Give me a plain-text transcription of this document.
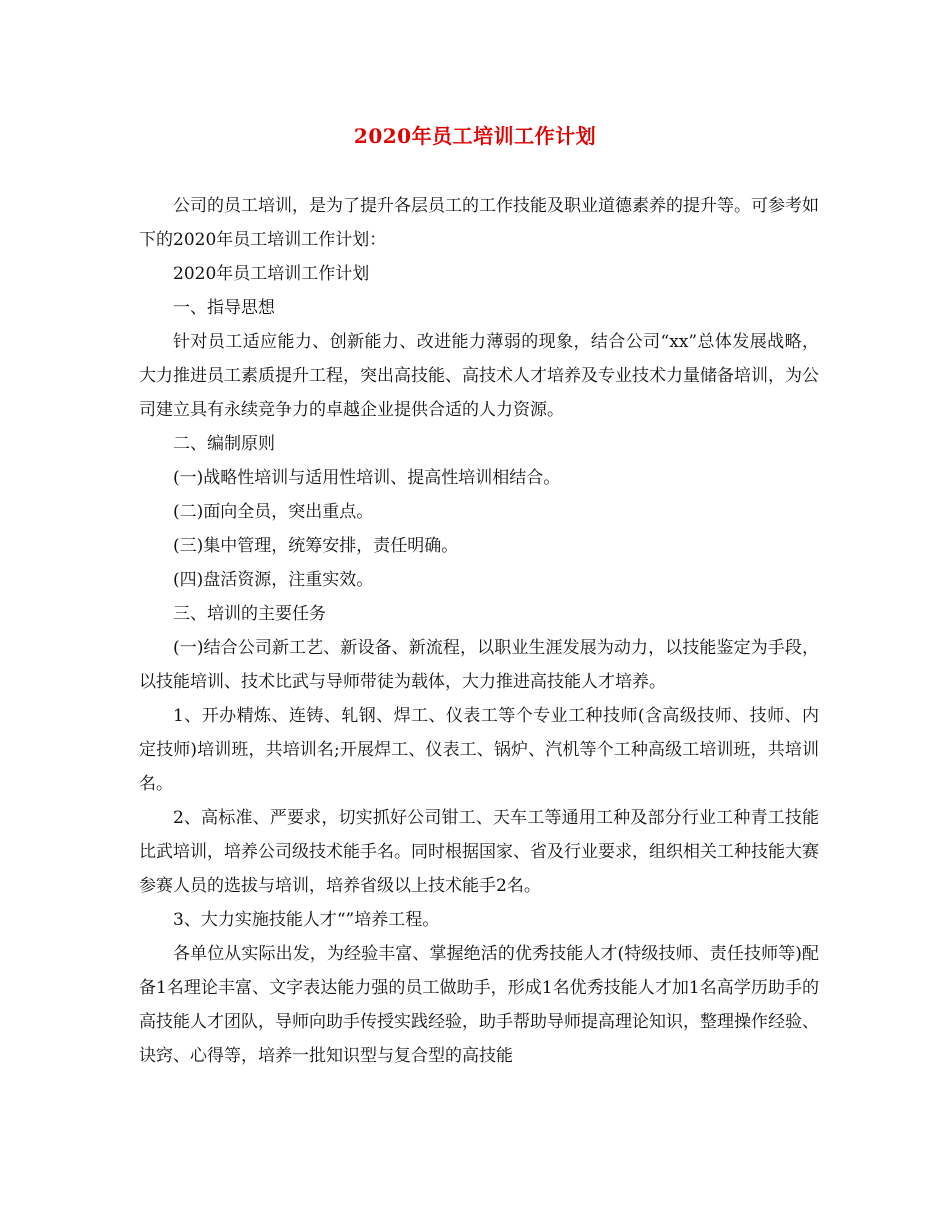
2020年员工培训工作计划

公司的员工培训，是为了提升各层员工的工作技能及职业道德素养的提升等。可参考如下的2020年员工培训工作计划：

2020年员工培训工作计划

一、指导思想

针对员工适应能力、创新能力、改进能力薄弱的现象，结合公司“xx”总体发展战略，大力推进员工素质提升工程，突出高技能、高技术人才培养及专业技术力量储备培训，为公司建立具有永续竞争力的卓越企业提供合适的人力资源。

二、编制原则

(一)战略性培训与适用性培训、提高性培训相结合。

(二)面向全员，突出重点。

(三)集中管理，统筹安排，责任明确。

(四)盘活资源，注重实效。

三、培训的主要任务

(一)结合公司新工艺、新设备、新流程，以职业生涯发展为动力，以技能鉴定为手段，以技能培训、技术比武与导师带徒为载体，大力推进高技能人才培养。

1、开办精炼、连铸、轧钢、焊工、仪表工等个专业工种技师(含高级技师、技师、内定技师)培训班，共培训名;开展焊工、仪表工、锅炉、汽机等个工种高级工培训班，共培训名。

2、高标准、严要求，切实抓好公司钳工、天车工等通用工种及部分行业工种青工技能比武培训，培养公司级技术能手名。同时根据国家、省及行业要求，组织相关工种技能大赛参赛人员的选拔与培训，培养省级以上技术能手2名。

3、大力实施技能人才“”培养工程。

各单位从实际出发，为经验丰富、掌握绝活的优秀技能人才(特级技师、责任技师等)配备1名理论丰富、文字表达能力强的员工做助手，形成1名优秀技能人才加1名高学历助手的高技能人才团队，导师向助手传授实践经验，助手帮助导师提高理论知识，整理操作经验、诀窍、心得等，培养一批知识型与复合型的高技能
